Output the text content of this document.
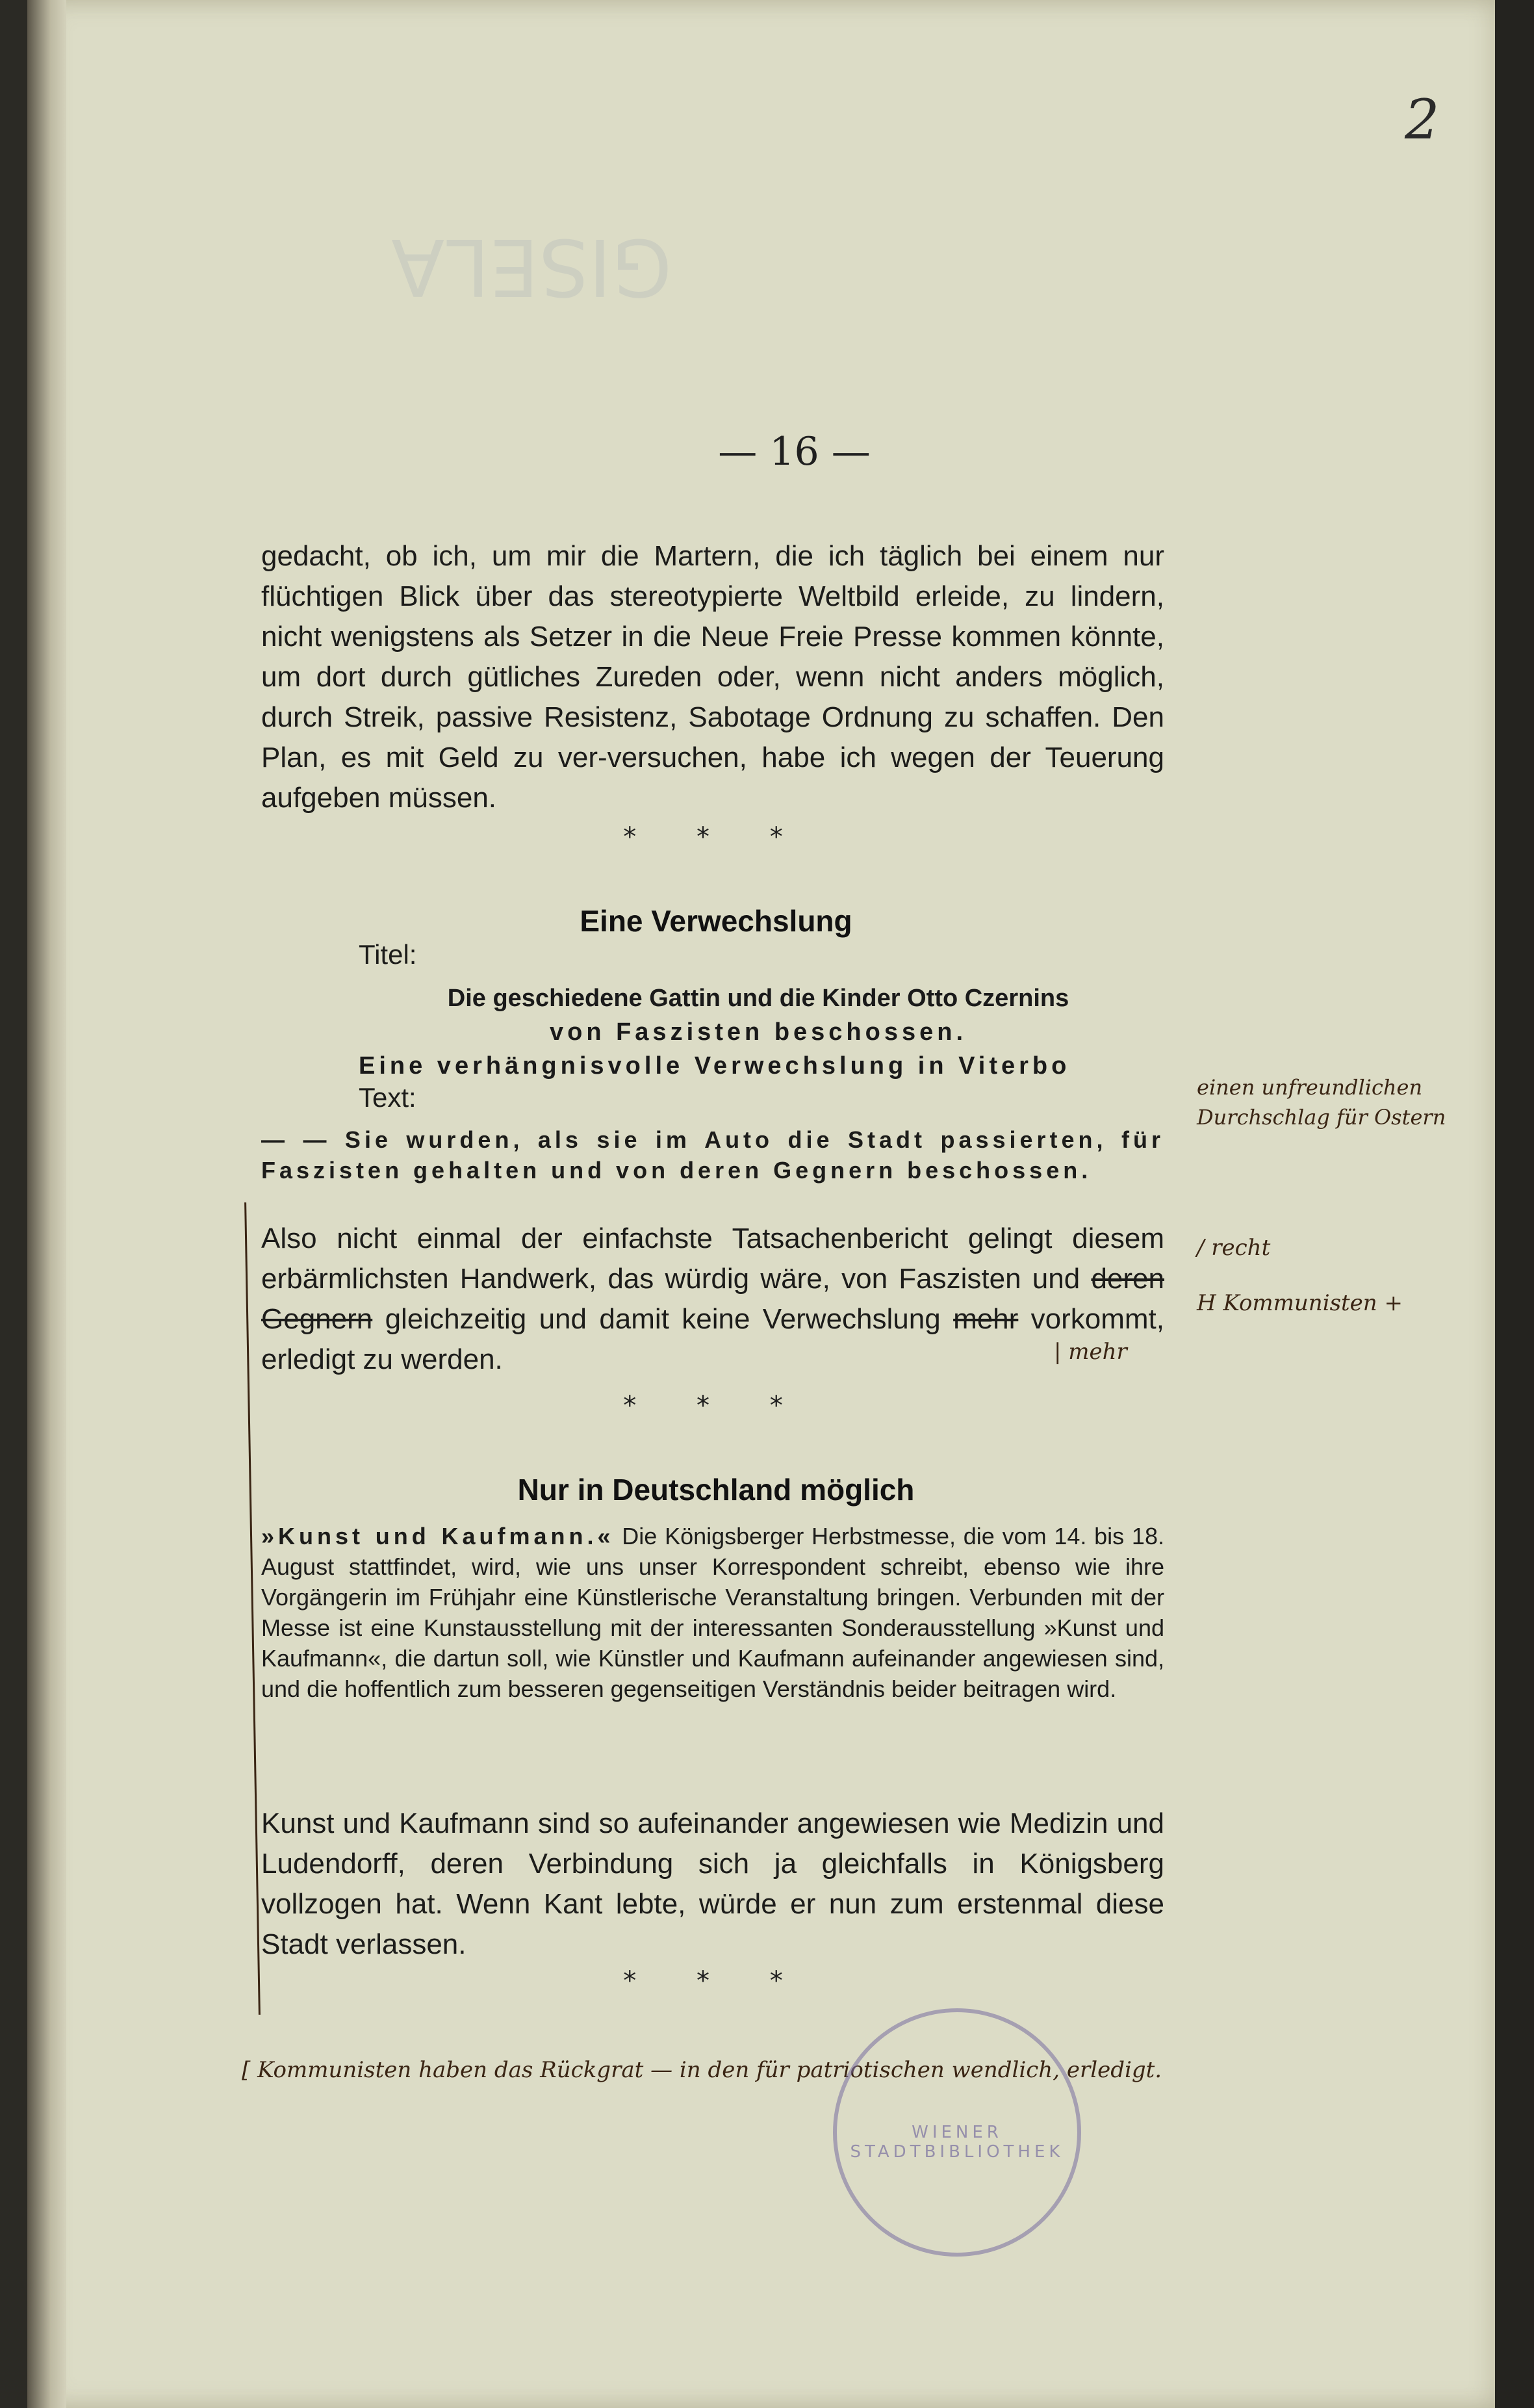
GISELA
2
— 16 —
gedacht, ob ich, um mir die Martern, die ich täglich bei einem nur flüchtigen Blick über das stereotypierte Weltbild erleide, zu lindern, nicht wenigstens als Setzer in die Neue Freie Presse kommen könnte, um dort durch gütliches Zureden oder, wenn nicht anders möglich, durch Streik, passive Resistenz, Sabotage Ordnung zu schaffen. Den Plan, es mit Geld zu ver-versuchen, habe ich wegen der Teuerung aufgeben müssen.
* * *
Eine Verwechslung
Titel:
Die geschiedene Gattin und die Kinder Otto Czernins
von Faszisten beschossen.
Eine verhängnisvolle Verwechslung in Viterbo
Text:
— — Sie wurden, als sie im Auto die Stadt passierten, für Faszisten gehalten und von deren Gegnern beschossen.
Also nicht einmal der einfachste Tatsachenbericht gelingt diesem erbärmlichsten Handwerk, das würdig wäre, von Faszisten und deren Gegnern gleichzeitig und damit keine Verwechslung mehr vorkommt, erledigt zu werden.
* * *
Nur in Deutschland möglich
»Kunst und Kaufmann.« Die Königsberger Herbstmesse, die vom 14. bis 18. August stattfindet, wird, wie uns unser Korrespondent schreibt, ebenso wie ihre Vorgängerin im Frühjahr eine Künstlerische Veranstaltung bringen. Verbunden mit der Messe ist eine Kunstausstellung mit der interessanten Sonderausstellung »Kunst und Kaufmann«, die dartun soll, wie Künstler und Kaufmann aufeinander angewiesen sind, und die hoffentlich zum besseren gegenseitigen Verständnis beider beitragen wird.
Kunst und Kaufmann sind so aufeinander angewiesen wie Medizin und Ludendorff, deren Verbindung sich ja gleichfalls in Königsberg vollzogen hat. Wenn Kant lebte, würde er nun zum erstenmal diese Stadt verlassen.
* * *
einen unfreundlichen Durchschlag für Ostern
/ recht
H Kommunisten +
| mehr
[ Kommunisten haben das Rückgrat — in den für patriotischen wendlich, erledigt.
WIENER STADTBIBLIOTHEK
